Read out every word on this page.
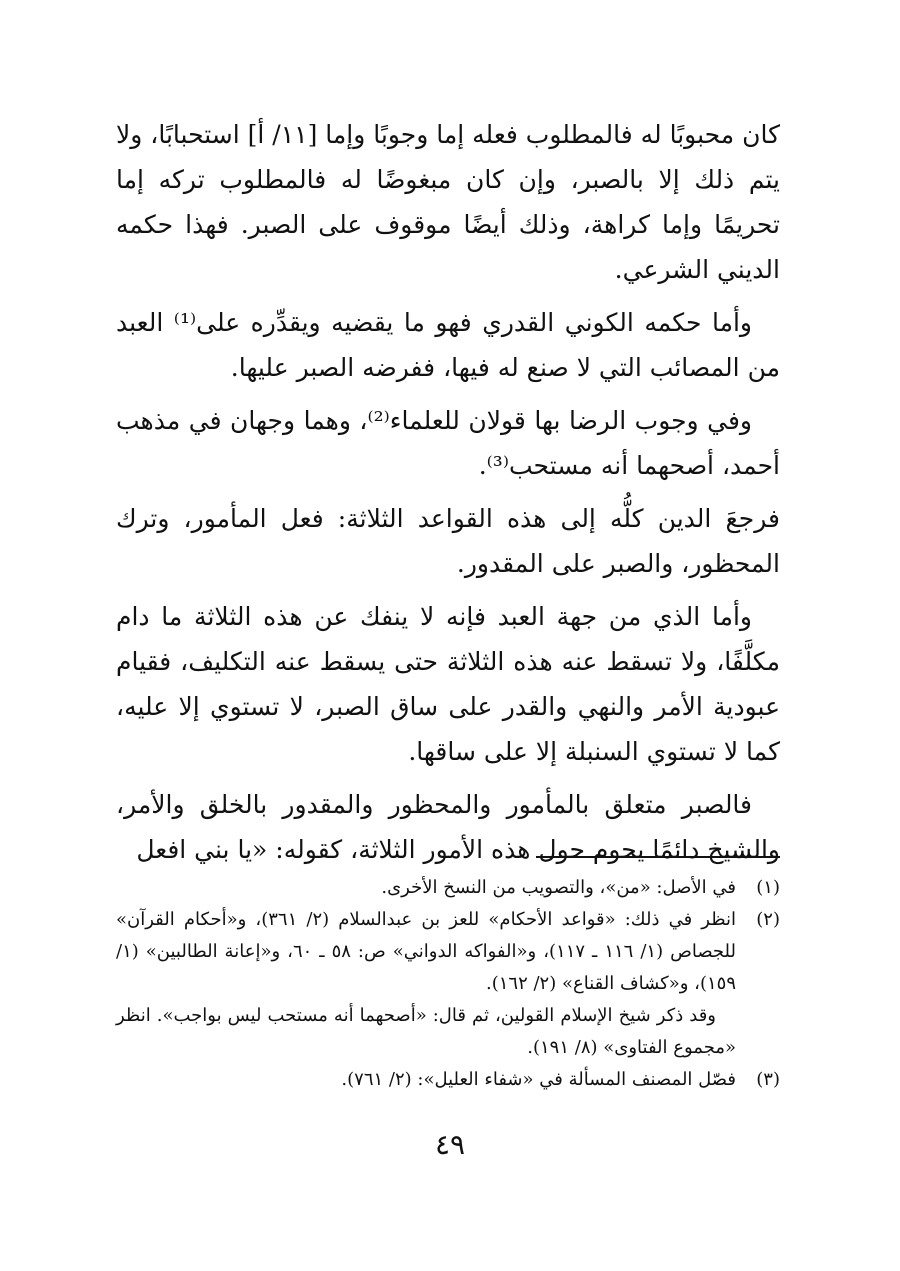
كان محبوبًا له فالمطلوب فعله إما وجوبًا وإما [١١/ أ] استحبابًا، ولا يتم ذلك إلا بالصبر، وإن كان مبغوضًا له فالمطلوب تركه إما تحريمًا وإما كراهة، وذلك أيضًا موقوف على الصبر. فهذا حكمه الديني الشرعي.

وأما حكمه الكوني القدري فهو ما يقضيه ويقدِّره على⁽¹⁾ العبد من المصائب التي لا صنع له فيها، ففرضه الصبر عليها.

وفي وجوب الرضا بها قولان للعلماء⁽²⁾، وهما وجهان في مذهب أحمد، أصحهما أنه مستحب⁽³⁾.

فرجعَ الدين كلُّه إلى هذه القواعد الثلاثة: فعل المأمور، وترك المحظور، والصبر على المقدور.

وأما الذي من جهة العبد فإنه لا ينفك عن هذه الثلاثة ما دام مكلَّفًا، ولا تسقط عنه هذه الثلاثة حتى يسقط عنه التكليف، فقيام عبودية الأمر والنهي والقدر على ساق الصبر، لا تستوي إلا عليه، كما لا تستوي السنبلة إلا على ساقها.

فالصبر متعلق بالمأمور والمحظور والمقدور بالخلق والأمر، والشيخ دائمًا يحوم حول هذه الأمور الثلاثة، كقوله: «يا بني افعل

(١)
في الأصل: «من»، والتصويب من النسخ الأخرى.
(٢)
انظر في ذلك: «قواعد الأحكام» للعز بن عبدالسلام (٢/ ٣٦١)، و«أحكام القرآن» للجصاص (١/ ١١٦ ـ ١١٧)، و«الفواكه الدواني» ص: ٥٨ ـ ٦٠، و«إعانة الطالبين» (١/ ١٥٩)، و«كشاف القناع» (٢/ ١٦٢).
وقد ذكر شيخ الإسلام القولين، ثم قال: «أصحهما أنه مستحب ليس بواجب». انظر «مجموع الفتاوى» (٨/ ١٩١).
(٣)
فصّل المصنف المسألة في «شفاء العليل»: (٢/ ٧٦١).
٤٩
